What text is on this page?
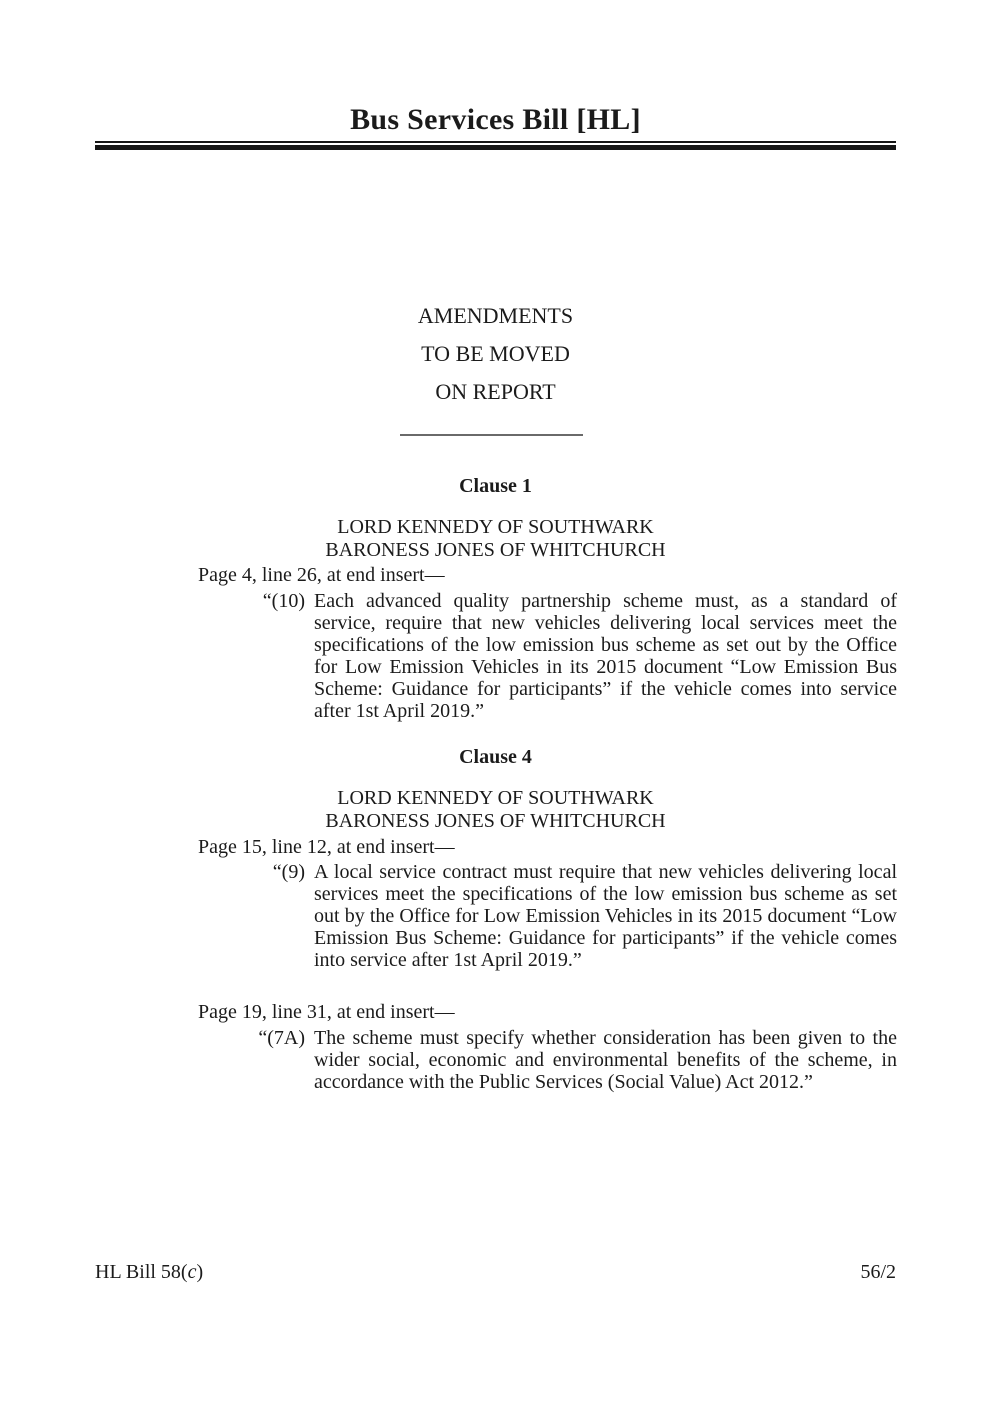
Bus Services Bill [HL]
AMENDMENTS
TO BE MOVED
ON REPORT
Clause 1
LORD KENNEDY OF SOUTHWARK
BARONESS JONES OF WHITCHURCH
Page 4, line 26, at end insert—
“(10) Each advanced quality partnership scheme must, as a standard of service, require that new vehicles delivering local services meet the specifications of the low emission bus scheme as set out by the Office for Low Emission Vehicles in its 2015 document “Low Emission Bus Scheme: Guidance for participants” if the vehicle comes into service after 1st April 2019.”
Clause 4
LORD KENNEDY OF SOUTHWARK
BARONESS JONES OF WHITCHURCH
Page 15, line 12, at end insert—
“(9) A local service contract must require that new vehicles delivering local services meet the specifications of the low emission bus scheme as set out by the Office for Low Emission Vehicles in its 2015 document “Low Emission Bus Scheme: Guidance for participants” if the vehicle comes into service after 1st April 2019.”
Page 19, line 31, at end insert—
“(7A) The scheme must specify whether consideration has been given to the wider social, economic and environmental benefits of the scheme, in accordance with the Public Services (Social Value) Act 2012.”
HL Bill 58(c)	56/2
